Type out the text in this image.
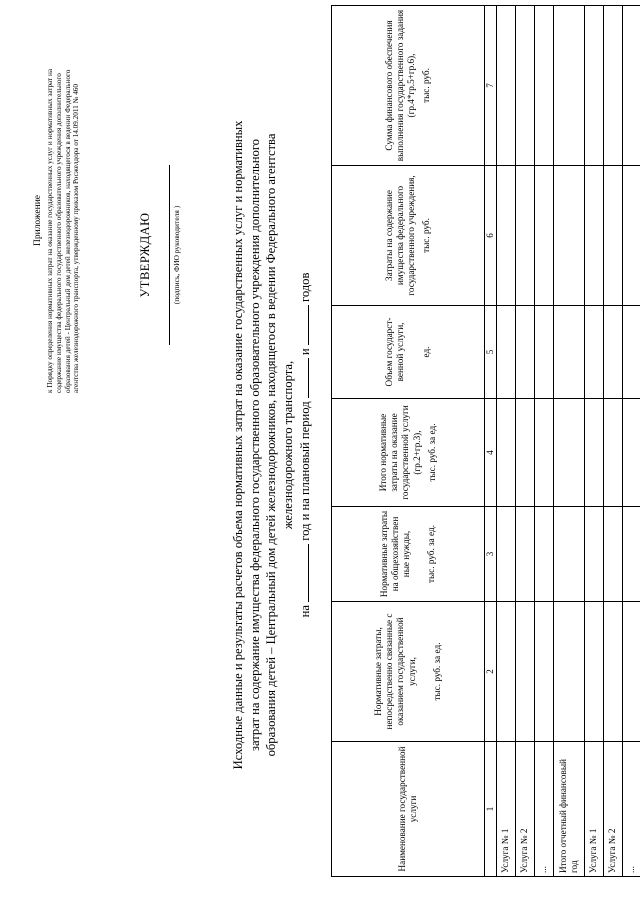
Приложение к Порядку определения нормативных затрат на оказание государственных услуг и нормативных затрат на содержание имущества федерального государственного образовательного учреждения дополнительного образования детей - Центральный дом детей железнодорожников, находящегося в ведении Федерального агентства железнодорожного транспорта, утвержденному приказом Росжелдора от 14.09.2011 № 460	УТВЕРЖДАЮ	(подпись, ФИО руководителя )	Исходные данные и результаты расчетов объема нормативных затрат на оказание государственных услуг и нормативных затрат на содержание имущества федерального государственного образовательного учреждения дополнительного образования детей – Центральный дом детей железнодорожников, находящегося в ведении Федерального агентства железнодорожного транспорта,
на  год и на плановый период  и  годов
Наименование государственной услуги	Нормативные затраты, непосредственно связанные с оказанием государственной услуги, тыс. руб. за ед.	Нормативные затраты на общехозяйствен ные нужды, тыс. руб. за ед.	Итого нормативные затраты на оказание государственной услуги (гр.2+гр.3), тыс. руб. за ед.	Объем государст- венной услуги, ед.	Затраты на содержание имущества федерального государственного учреждения, тыс. руб.	Сумма финансового обеспечения выполнения государственного задания (гр.4*гр.5+гр.6), тыс. руб.

1	2	3	4	5	6	7
Услуга № 1						
Услуга № 2						
...						
Итого отчетный финансовый год						
Услуга № 1						
Услуга № 2						
...						
